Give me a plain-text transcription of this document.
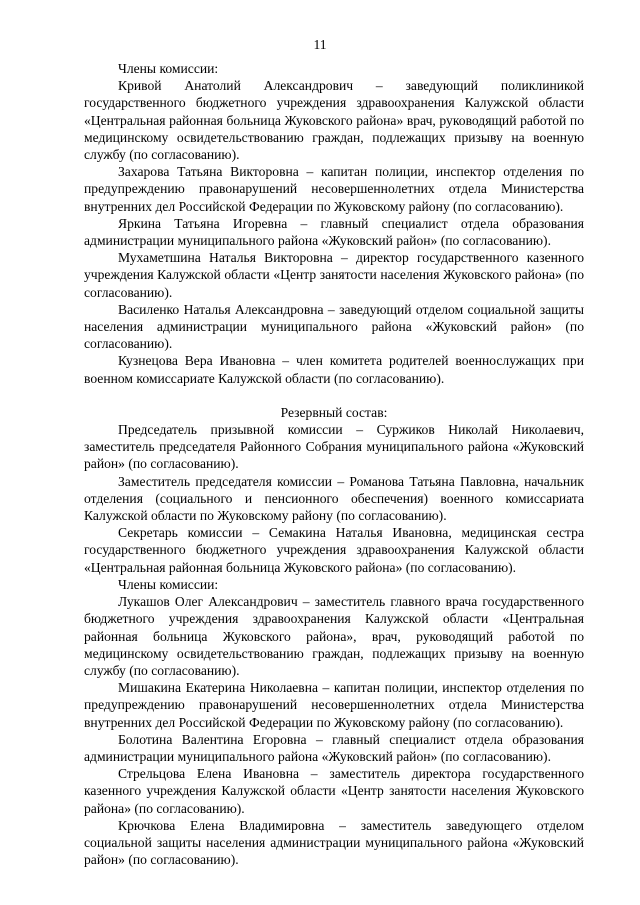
11

Члены комиссии:

Кривой Анатолий Александрович – заведующий поликлиникой государственного бюджетного учреждения здравоохранения Калужской области «Центральная районная больница Жуковского района» врач, руководящий работой по медицинскому освидетельствованию граждан, подлежащих призыву на военную службу (по согласованию).

Захарова Татьяна Викторовна – капитан полиции, инспектор отделения по предупреждению правонарушений несовершеннолетних отдела Министерства внутренних дел Российской Федерации по Жуковскому району (по согласованию).

Яркина Татьяна Игоревна – главный специалист отдела образования администрации муниципального района «Жуковский район» (по согласованию).

Мухаметшина Наталья Викторовна – директор государственного казенного учреждения Калужской области «Центр занятости населения Жуковского района» (по согласованию).

Василенко Наталья Александровна – заведующий отделом социальной защиты населения администрации муниципального района «Жуковский район» (по согласованию).

Кузнецова Вера Ивановна – член комитета родителей военнослужащих при военном комиссариате Калужской области (по согласованию).

Резервный состав:

Председатель призывной комиссии – Суржиков Николай Николаевич, заместитель председателя Районного Собрания муниципального района «Жуковский район» (по согласованию).

Заместитель председателя комиссии – Романова Татьяна Павловна, начальник отделения (социального и пенсионного обеспечения) военного комиссариата Калужской области по Жуковскому району (по согласованию).

Секретарь комиссии – Семакина Наталья Ивановна, медицинская сестра государственного бюджетного учреждения здравоохранения Калужской области «Центральная районная больница Жуковского района» (по согласованию).

Члены комиссии:

Лукашов Олег Александрович – заместитель главного врача государственного бюджетного учреждения здравоохранения Калужской области «Центральная районная больница Жуковского района», врач, руководящий работой по медицинскому освидетельствованию граждан, подлежащих призыву на военную службу (по согласованию).

Мишакина Екатерина Николаевна – капитан полиции, инспектор отделения по предупреждению правонарушений несовершеннолетних отдела Министерства внутренних дел Российской Федерации по Жуковскому району (по согласованию).

Болотина Валентина Егоровна – главный специалист отдела образования администрации муниципального района «Жуковский район» (по согласованию).

Стрельцова Елена Ивановна – заместитель директора государственного казенного учреждения Калужской области «Центр занятости населения Жуковского района» (по согласованию).

Крючкова Елена Владимировна – заместитель заведующего отделом социальной защиты населения администрации муниципального района «Жуковский район» (по согласованию).
